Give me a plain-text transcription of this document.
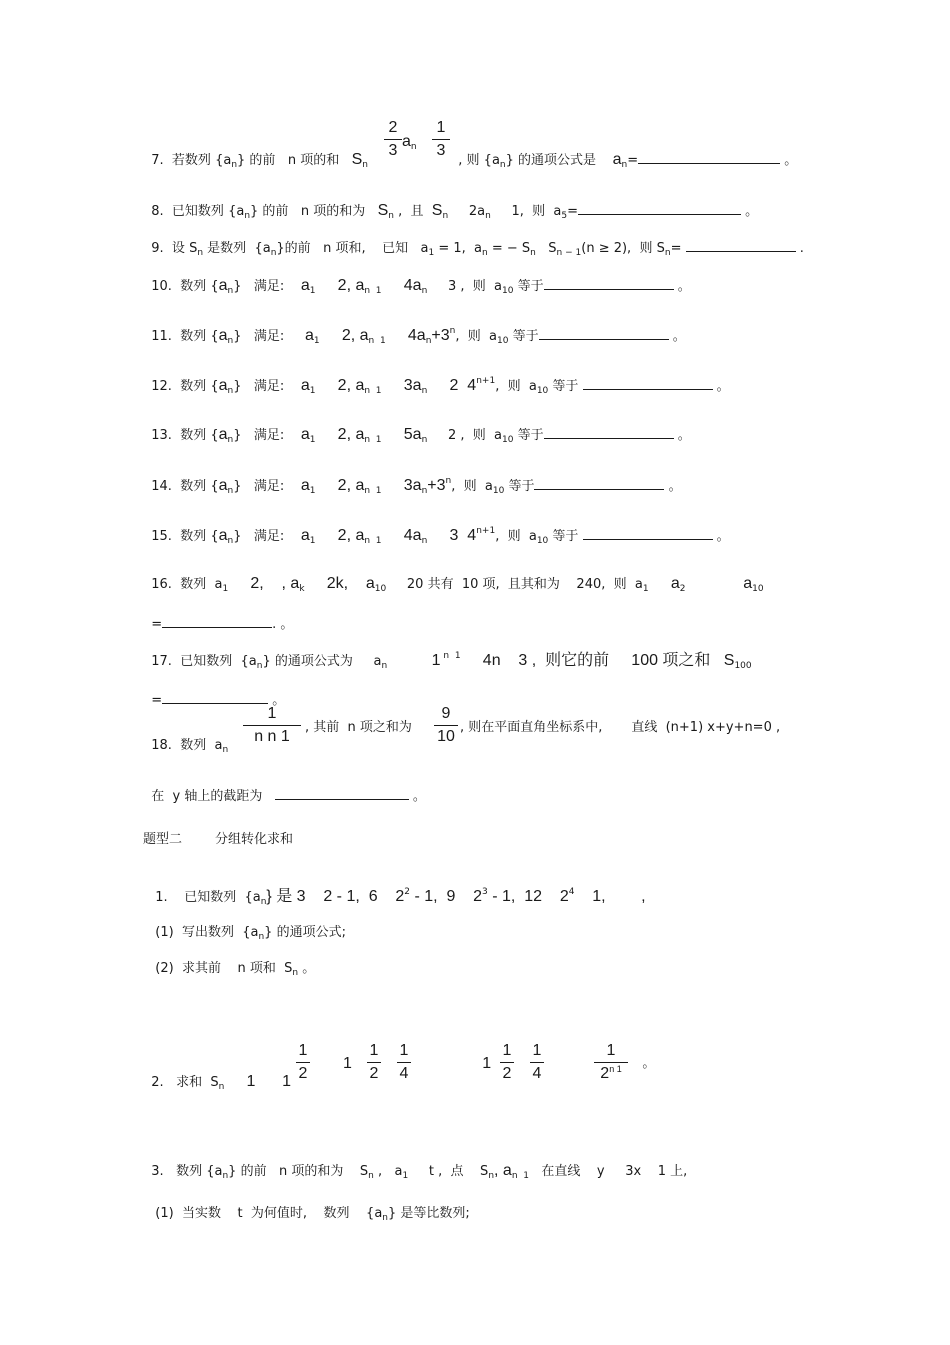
7.  若数列 $\{a_n\}$ 的前   n 项的和   $S_n$

2
3
$a_n$
1
3

, 则 $\{a_n\}$ 的通项公式是    $a_n=$	。

8.  已知数列 $\{a_n\}$ 的前   n 项的和为   $S_n$ ,  且  $S_n$     $2a_n$     1,  则  $a_5=$	。

9.  设 $S_n$ 是数列  $\{a_n\}$的前   n 项和,    已知   $a_1 = 1$,  $a_n$ = − $S_n$   $S_{n - 1}(n \ge 2)$,  则 $S_n=$	.

10.  数列 $\{a_n\}$   满足:    $a_1$     2, $a_{n 1}$     $4a_n$     3 ,  则  $a_{10}$ 等于	。

11.  数列 $\{a_n\}$   满足:     $a_1$     2, $a_{n 1}$     $4a_n+3^n$,  则  $a_{10}$ 等于	。

12.  数列 $\{a_n\}$   满足:    $a_1$     2, $a_{n 1}$     $3a_n$     2  $4^{n+1}$,  则  $a_{10}$ 等于	。

13.  数列 $\{a_n\}$   满足:    $a_1$     2, $a_{n 1}$     $5a_n$     2 ,  则  $a_{10}$ 等于	。

14.  数列 $\{a_n\}$   满足:    $a_1$     2, $a_{n 1}$     $3a_n+3^n$,  则  $a_{10}$ 等于	。

15.  数列 $\{a_n\}$   满足:    $a_1$     2, $a_{n 1}$     $4a_n$     3  $4^{n+1}$,  则  $a_{10}$ 等于	。

16.  数列  $a_1$     2,    , $a_k$     2k,    $a_{10}$     20 共有  10 项,  且其和为    240,  则  $a_1$     $a_2$             $a_{10}$

=	. 。

17.  已知数列  $\{a_n\}$ 的通项公式为     $a_n$          1 $^{n 1}$     4n    3 ,  则它的前     100 项之和   $S_{100}$

=	。

18.  数列  $a_n$

1
n n 1
, 其前  n 项之和为
9
10
, 则在平面直角坐标系中,       直线  (n+1) x+y+n=0 ,

在  y 轴上的截距为	。

题型二        分组转化求和

1.    已知数列  $\{a_n\}$ 是 3    2 - 1,  6    $2^2 - 1$,  9    $2^3 - 1$,  12    $2^4$    1,        ,

(1)  写出数列  $\{a_n\}$ 的通项公式;

(2)  求其前    n 项和  $S_n$ 。

2.   求和  $S_n$     1      1

1
2
1
1
2
1
4
1
1
2
1
4
1
$2^{n 1}$ 。

3.   数列 $\{a_n\}$ 的前   n 项的和为    $S_n$ ,   $a_1$     t ,  点    $S_n$, $a_{n 1}$   在直线    y     3x    1 上,

(1)  当实数    t  为何值时,    数列    $\{a_n\}$ 是等比数列;
